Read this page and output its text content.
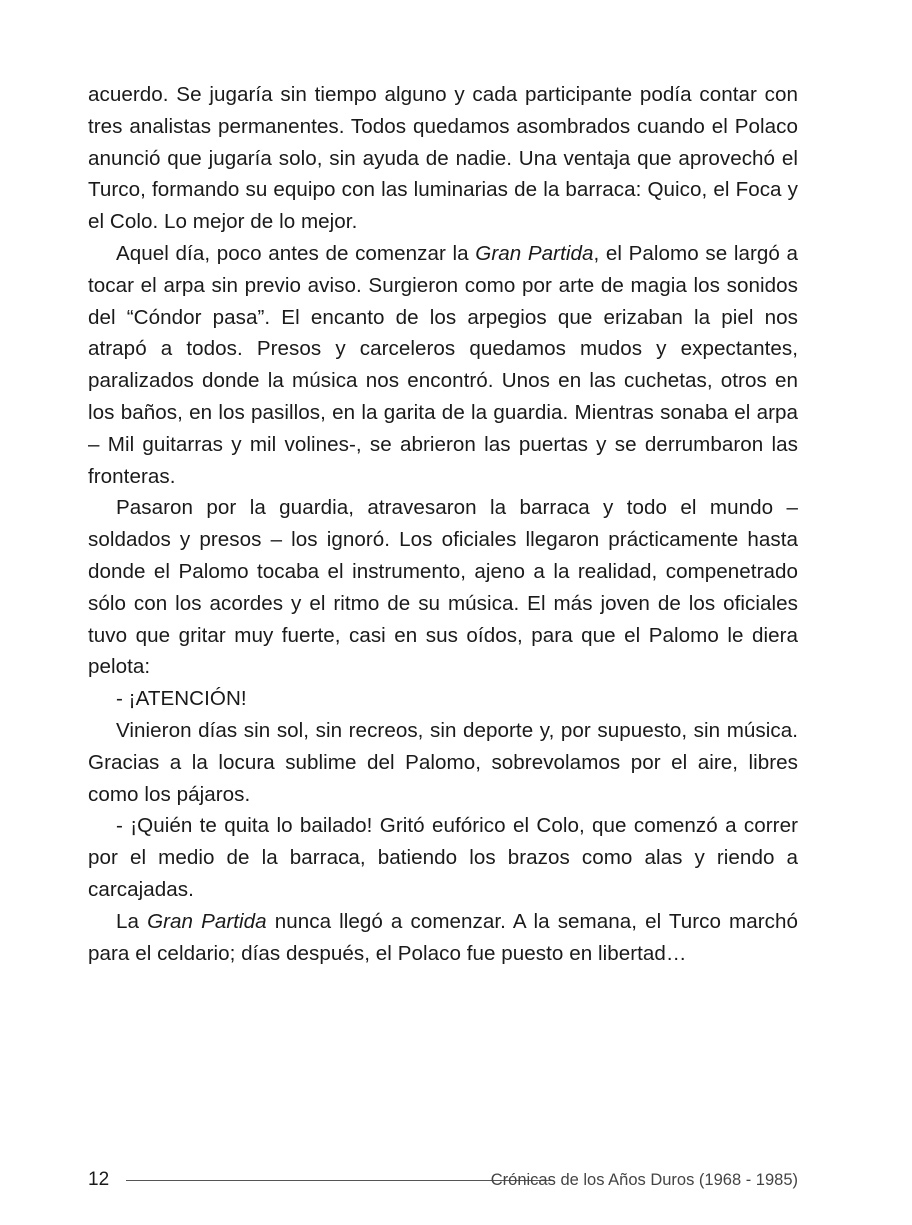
acuerdo. Se jugaría sin tiempo alguno y cada participante podía contar con tres analistas permanentes. Todos quedamos asombrados cuando el Polaco anunció que jugaría solo, sin ayuda de nadie. Una ventaja que aprovechó el Turco, formando su equipo con las luminarias de la barraca: Quico, el Foca y el Colo. Lo mejor de lo mejor.

Aquel día, poco antes de comenzar la Gran Partida, el Palomo se largó a tocar el arpa sin previo aviso. Surgieron como por arte de magia los sonidos del “Cóndor pasa”. El encanto de los arpegios que erizaban la piel nos atrapó a todos. Presos y carceleros quedamos mudos y expectantes, paralizados donde la música nos encontró. Unos en las cuchetas, otros en los baños, en los pasillos, en la garita de la guardia. Mientras sonaba el arpa – Mil guitarras y mil volines-, se abrieron las puertas y se derrumbaron las fronteras.

Pasaron por la guardia, atravesaron la barraca y todo el mundo – soldados y presos – los ignoró. Los oficiales llegaron prácticamente hasta donde el Palomo tocaba el instrumento, ajeno a la realidad, compenetrado sólo con los acordes y el ritmo de su música. El más joven de los oficiales tuvo que gritar muy fuerte, casi en sus oídos, para que el Palomo le diera pelota:

- ¡ATENCIÓN!

Vinieron días sin sol, sin recreos, sin deporte y, por supuesto, sin música. Gracias a la locura sublime del Palomo, sobrevolamos por el aire, libres como los pájaros.

- ¡Quién te quita lo bailado! Gritó eufórico el Colo, que comenzó a correr por el medio de la barraca, batiendo los brazos como alas y riendo a carcajadas.

La Gran Partida nunca llegó a comenzar. A la semana, el Turco marchó para el celdario; días después, el Polaco fue puesto en libertad…

12	Crónicas de los Años Duros (1968 - 1985)
